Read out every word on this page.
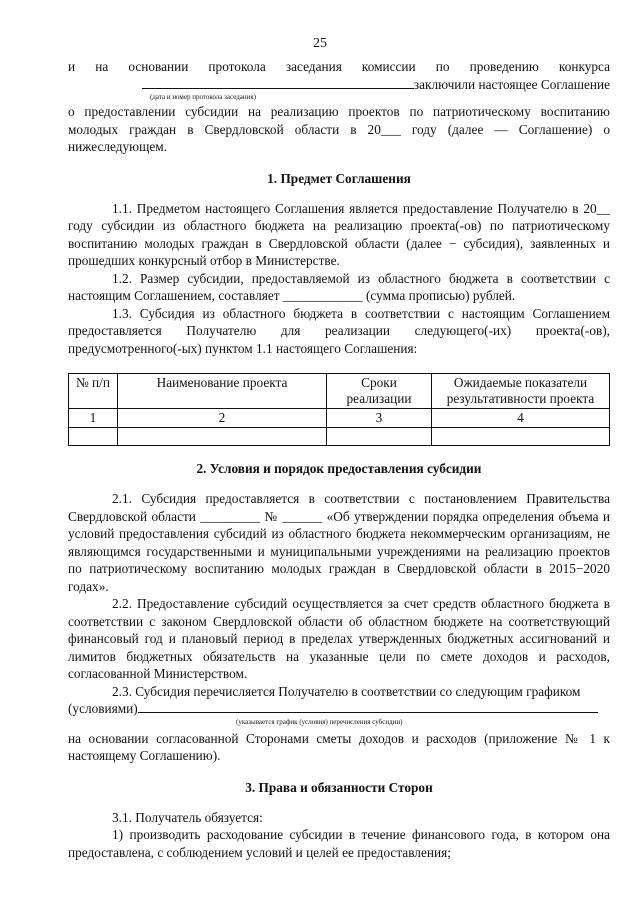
25

и на основании протокола заседания комиссии по проведению конкурса

заключили настоящее Соглашение

(дата и номер протокола заседания)

о предоставлении субсидии на реализацию проектов по патриотическому воспитанию молодых граждан в Свердловской области в 20___ году (далее — Соглашение) о нижеследующем.

1. Предмет Соглашения

1.1. Предметом настоящего Соглашения является предоставление Получателю в 20__ году субсидии из областного бюджета на реализацию проекта(-ов) по патриотическому воспитанию молодых граждан в Свердловской области (далее − субсидия), заявленных и прошедших конкурсный отбор в Министерстве.

1.2. Размер субсидии, предоставляемой из областного бюджета в соответствии с настоящим Соглашением, составляет ____________ (сумма прописью) рублей.

1.3. Субсидия из областного бюджета в соответствии с настоящим Соглашением предоставляется Получателю для реализации следующего(-их) проекта(-ов), предусмотренного(-ых) пунктом 1.1 настоящего Соглашения:

№ п/п	Наименование проекта	Сроки реализации	Ожидаемые показатели результативности проекта
1	2	3	4

2. Условия и порядок предоставления субсидии

2.1. Субсидия предоставляется в соответствии с постановлением Правительства Свердловской области _________ № ______ «Об утверждении порядка определения объема и условий предоставления субсидий из областного бюджета некоммерческим организациям, не являющимся государственными и муниципальными учреждениями на реализацию проектов по патриотическому воспитанию молодых граждан в Свердловской области в 2015−2020 годах».

2.2. Предоставление субсидий осуществляется за счет средств областного бюджета в соответствии с законом Свердловской области об областном бюджете на соответствующий финансовый год и плановый период в пределах утвержденных бюджетных ассигнований и лимитов бюджетных обязательств на указанные цели по смете доходов и расходов, согласованной Министерством.

2.3. Субсидия перечисляется Получателю в соответствии со следующим графиком

(условиями)

(указывается график (условия) перечисления субсидии)

на основании согласованной Сторонами сметы доходов и расходов (приложение № 1 к настоящему Соглашению).

3. Права и обязанности Сторон

3.1. Получатель обязуется:

1) производить расходование субсидии в течение финансового года, в котором она предоставлена, с соблюдением условий и целей ее предоставления;
